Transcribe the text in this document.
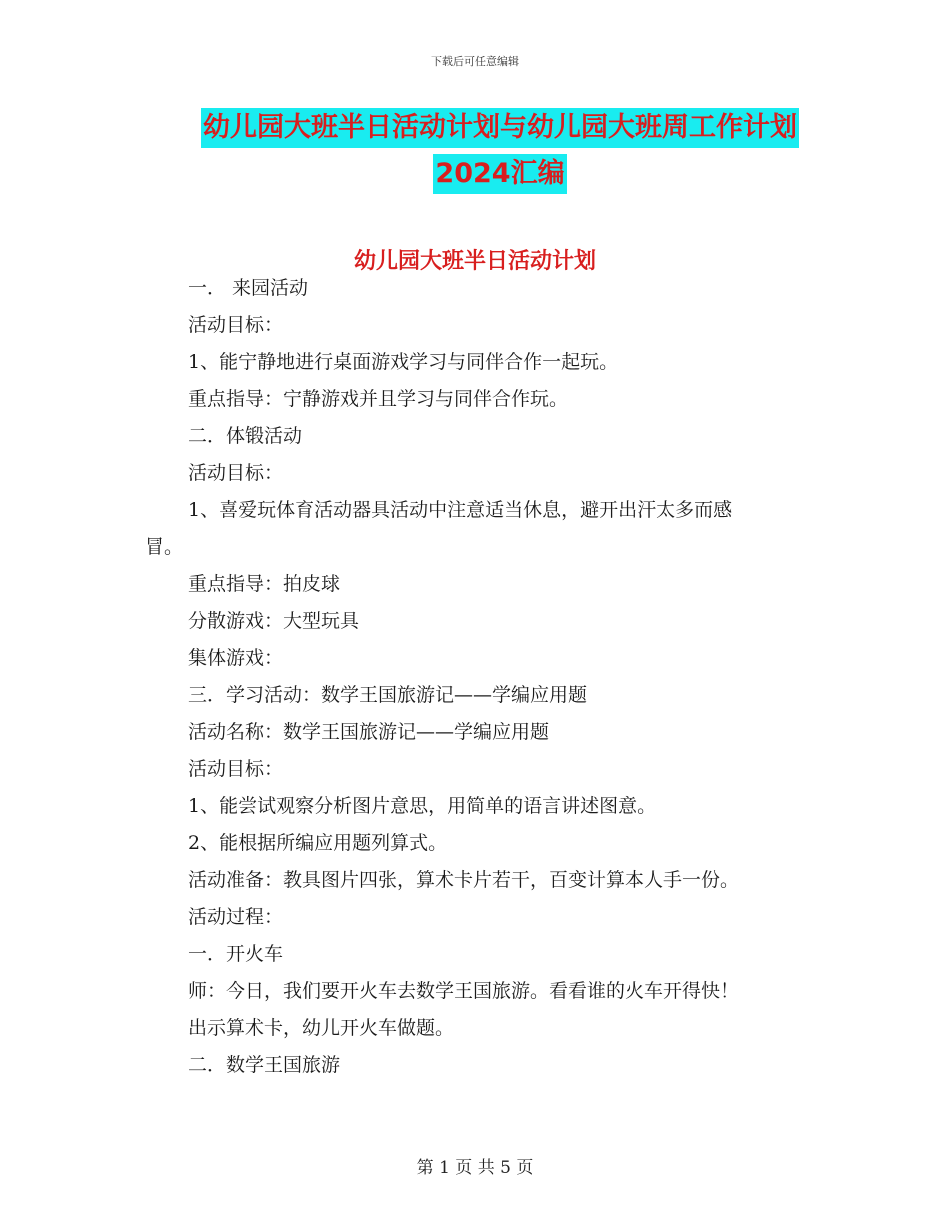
下载后可任意编辑
幼儿园大班半日活动计划与幼儿园大班周工作计划
2024汇编
幼儿园大班半日活动计划
一． 来园活动
活动目标：
1、能宁静地进行桌面游戏学习与同伴合作一起玩。
重点指导：宁静游戏并且学习与同伴合作玩。
二．体锻活动
活动目标：
1、喜爱玩体育活动器具活动中注意适当休息，避开出汗太多而感
冒。
重点指导：拍皮球
分散游戏：大型玩具
集体游戏：
三．学习活动：数学王国旅游记——学编应用题
活动名称：数学王国旅游记——学编应用题
活动目标：
1、能尝试观察分析图片意思，用简单的语言讲述图意。
2、能根据所编应用题列算式。
活动准备：教具图片四张，算术卡片若干，百变计算本人手一份。
活动过程：
一．开火车
师：今日，我们要开火车去数学王国旅游。看看谁的火车开得快！
出示算术卡，幼儿开火车做题。
二．数学王国旅游
第 1 页 共 5 页
